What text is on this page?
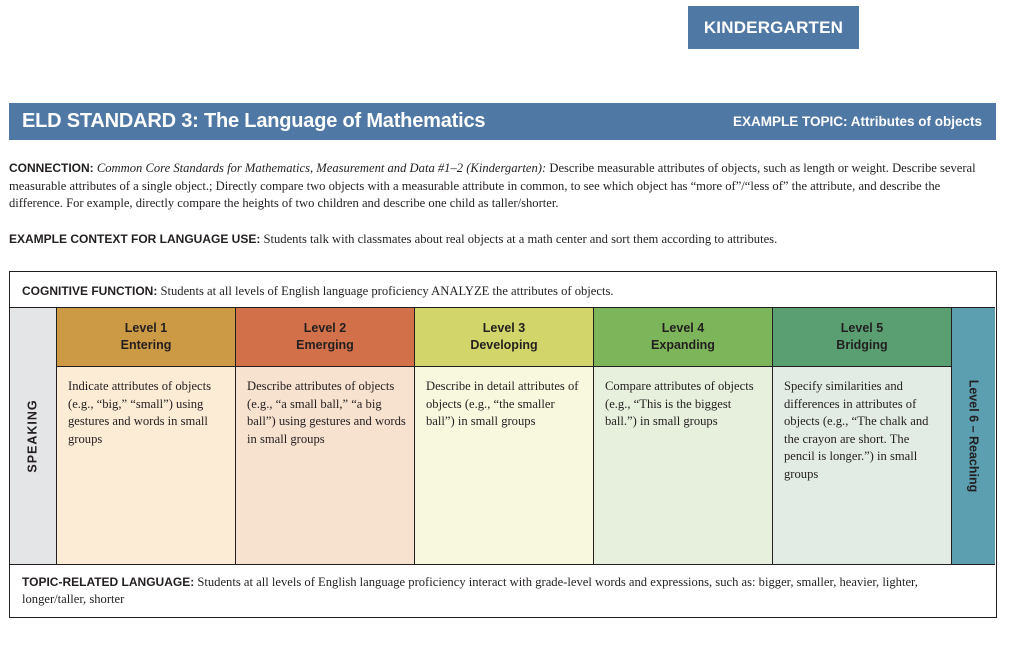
KINDERGARTEN
ELD STANDARD 3: The Language of Mathematics	EXAMPLE TOPIC: Attributes of objects

CONNECTION: Common Core Standards for Mathematics, Measurement and Data #1–2 (Kindergarten): Describe measurable attributes of objects, such as length or weight. Describe several measurable attributes of a single object.; Directly compare two objects with a measurable attribute in common, to see which object has “more of”/“less of” the attribute, and describe the difference. For example, directly compare the heights of two children and describe one child as taller/shorter.

EXAMPLE CONTEXT FOR LANGUAGE USE: Students talk with classmates about real objects at a math center and sort them according to attributes.

COGNITIVE FUNCTION: Students at all levels of English language proficiency ANALYZE the attributes of objects.
SPEAKING
Level 1
Entering
Indicate attributes of objects (e.g., “big,” “small”) using gestures and words in small groups
Level 2
Emerging
Describe attributes of objects (e.g., “a small ball,” “a big ball”) using gestures and words in small groups
Level 3
Developing
Describe in detail attributes of objects (e.g., “the smaller ball”) in small groups
Level 4
Expanding
Compare attributes of objects (e.g., “This is the biggest ball.”) in small groups
Level 5
Bridging
Specify similarities and differences in attributes of objects (e.g., “The chalk and the crayon are short. The pencil is longer.”) in small groups	Level 6 – Reaching
TOPIC-RELATED LANGUAGE: Students at all levels of English language proficiency interact with grade-level words and expressions, such as: bigger, smaller, heavier, lighter, longer/taller, shorter
